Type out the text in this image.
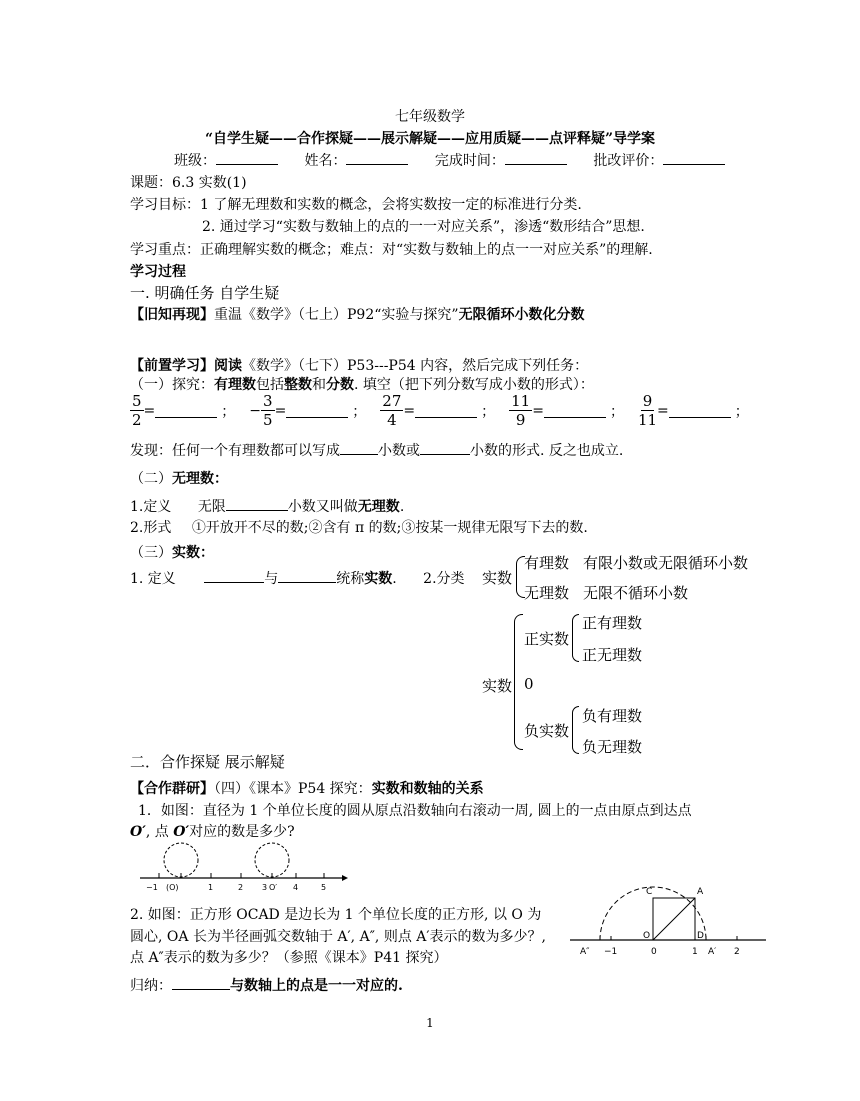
七年级数学
“自学生疑——合作探疑——展示解疑——应用质疑——点评释疑”导学案
班级：	姓名：	完成时间：	批改评价：
课题：6.3 实数(1)
学习目标：1 了解无理数和实数的概念，会将实数按一定的标准进行分类.
2. 通过学习“实数与数轴上的点的一一对应关系”，渗透“数形结合”思想.
学习重点：正确理解实数的概念；难点：对“实数与数轴上的点一一对应关系”的理解.
学习过程
一. 明确任务 自学生疑
【旧知再现】重温《数学》（七上）P92“实验与探究”无限循环小数化分数
【前置学习】阅读《数学》（七下）P53---P54 内容，然后完成下列任务：
（一）探究：有理数包括整数和分数. 填空（把下列分数写成小数的形式）：
$\frac{5}{2}$ =	； − $\frac{3}{5}$ =	； $\frac{27}{4}$ =	； $\frac{11}{9}$ =	； $\frac{9}{11}$ =	；
发现：任何一个有理数都可以写成	小数或	小数的形式. 反之也成立.
（二）无理数：
1.定义 无限	小数又叫做无理数.
2.形式 ①开放开不尽的数;②含有 π 的数;③按某一规律无限写下去的数.
（三）实数：
1. 定义	与	统称实数. 2.分类 实数
有理数 有限小数或无限循环小数
无理数 无限不循环小数
实数
正实数
正有理数
正无理数
0
负实数
负有理数
负无理数
二．合作探疑 展示解疑
【合作群研】（四）《课本》P54 探究：实数和数轴的关系
1．如图：直径为 1 个单位长度的圆从原点沿数轴向右滚动一周, 圆上的一点由原点到达点
O′, 点 O′对应的数是多少?
−1 (O)	1	2 3 O′ 4	5
2. 如图：正方形 OCAD 是边长为 1 个单位长度的正方形, 以 O 为
圆心, OA 长为半径画弧交数轴于 A′, A″, 则点 A′表示的数为多少？,
点 A″表示的数为多少？（参照《课本》P41 探究）
C	A
O	D
A″ −1	0	1 A′ 2
归纳：	与数轴上的点是一一对应的.
1
